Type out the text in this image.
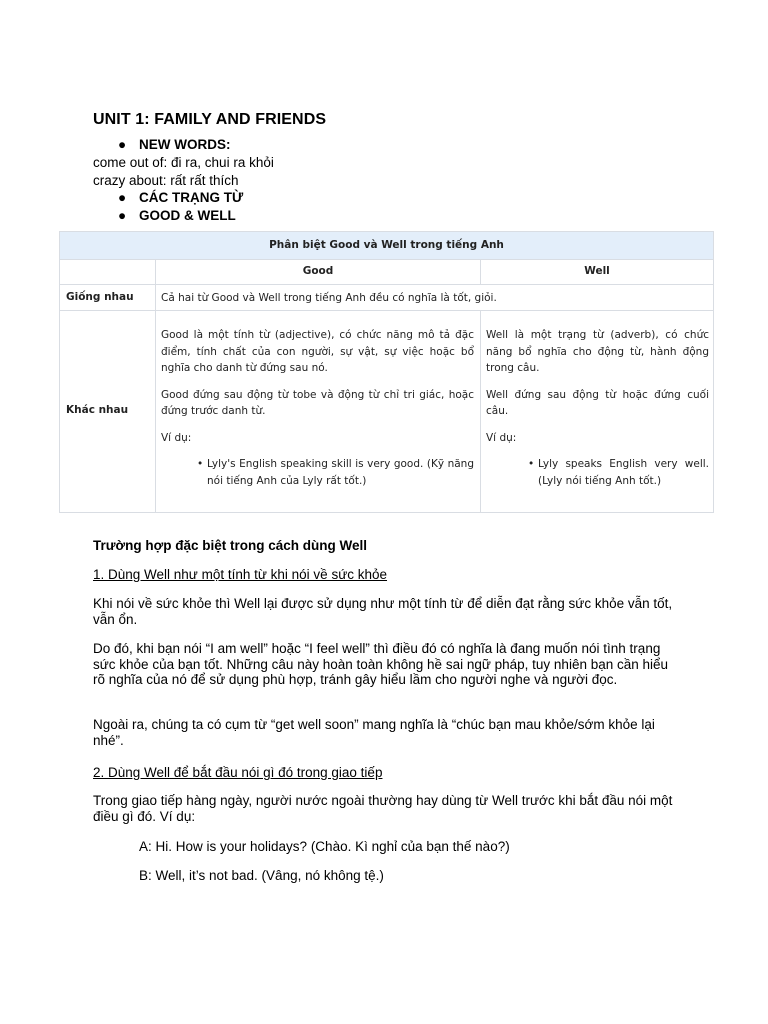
UNIT 1: FAMILY AND FRIENDS
● NEW WORDS:
come out of: đi ra, chui ra khỏi
crazy about: rất rất thích
● CÁC TRẠNG TỪ
● GOOD & WELL
Phân biệt Good và Well trong tiếng Anh
Good	Well
Giống nhau	Cả hai từ Good và Well trong tiếng Anh đều có nghĩa là tốt, giỏi.
Khác nhau

Good là một tính từ (adjective), có chức năng mô tả đặc điểm, tính chất của con người, sự vật, sự việc hoặc bổ nghĩa cho danh từ đứng sau nó.

Good đứng sau động từ tobe và động từ chỉ tri giác, hoặc đứng trước danh từ.

Ví dụ:

• Lyly's English speaking skill is very good. (Kỹ năng nói tiếng Anh của Lyly rất tốt.)

Well là một trạng từ (adverb), có chức năng bổ nghĩa cho động từ, hành động trong câu.

Well đứng sau động từ hoặc đứng cuối câu.

Ví dụ:

• Lyly speaks English very well. (Lyly nói tiếng Anh tốt.)
Trường hợp đặc biệt trong cách dùng Well
1. Dùng Well như một tính từ khi nói về sức khỏe
Khi nói về sức khỏe thì Well lại được sử dụng như một tính từ để diễn đạt rằng sức khỏe vẫn tốt, vẫn ổn.
Do đó, khi bạn nói “I am well” hoặc “I feel well” thì điều đó có nghĩa là đang muốn nói tình trạng sức khỏe của bạn tốt. Những câu này hoàn toàn không hề sai ngữ pháp, tuy nhiên bạn cần hiểu rõ nghĩa của nó để sử dụng phù hợp, tránh gây hiểu lầm cho người nghe và người đọc.
Ngoài ra, chúng ta có cụm từ “get well soon” mang nghĩa là “chúc bạn mau khỏe/sớm khỏe lại nhé”.
2. Dùng Well để bắt đầu nói gì đó trong giao tiếp
Trong giao tiếp hàng ngày, người nước ngoài thường hay dùng từ Well trước khi bắt đầu nói một điều gì đó. Ví dụ:
A: Hi. How is your holidays? (Chào. Kì nghỉ của bạn thế nào?)
B: Well, it’s not bad. (Vâng, nó không tệ.)
